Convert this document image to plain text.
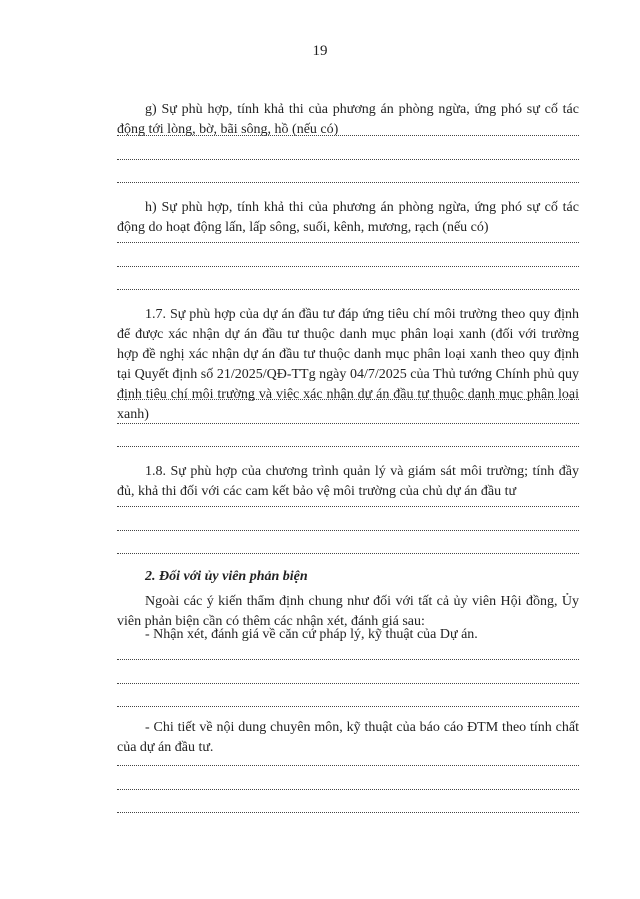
19

g) Sự phù hợp, tính khả thi của phương án phòng ngừa, ứng phó sự cố tác động tới lòng, bờ, bãi sông, hồ (nếu có)

h) Sự phù hợp, tính khả thi của phương án phòng ngừa, ứng phó sự cố tác động do hoạt động lấn, lấp sông, suối, kênh, mương, rạch (nếu có)

1.7. Sự phù hợp của dự án đầu tư đáp ứng tiêu chí môi trường theo quy định để được xác nhận dự án đầu tư thuộc danh mục phân loại xanh (đối với trường hợp đề nghị xác nhận dự án đầu tư thuộc danh mục phân loại xanh theo quy định tại Quyết định số 21/2025/QĐ-TTg ngày 04/7/2025 của Thủ tướng Chính phủ quy định tiêu chí môi trường và việc xác nhận dự án đầu tư thuộc danh mục phân loại xanh)

1.8. Sự phù hợp của chương trình quản lý và giám sát môi trường; tính đầy đủ, khả thi đối với các cam kết bảo vệ môi trường của chủ dự án đầu tư

2. Đối với ủy viên phản biện

Ngoài các ý kiến thẩm định chung như đối với tất cả ủy viên Hội đồng, Ủy viên phản biện cần có thêm các nhận xét, đánh giá sau:

- Nhận xét, đánh giá về căn cứ pháp lý, kỹ thuật của Dự án.

- Chi tiết về nội dung chuyên môn, kỹ thuật của báo cáo ĐTM theo tính chất của dự án đầu tư.
